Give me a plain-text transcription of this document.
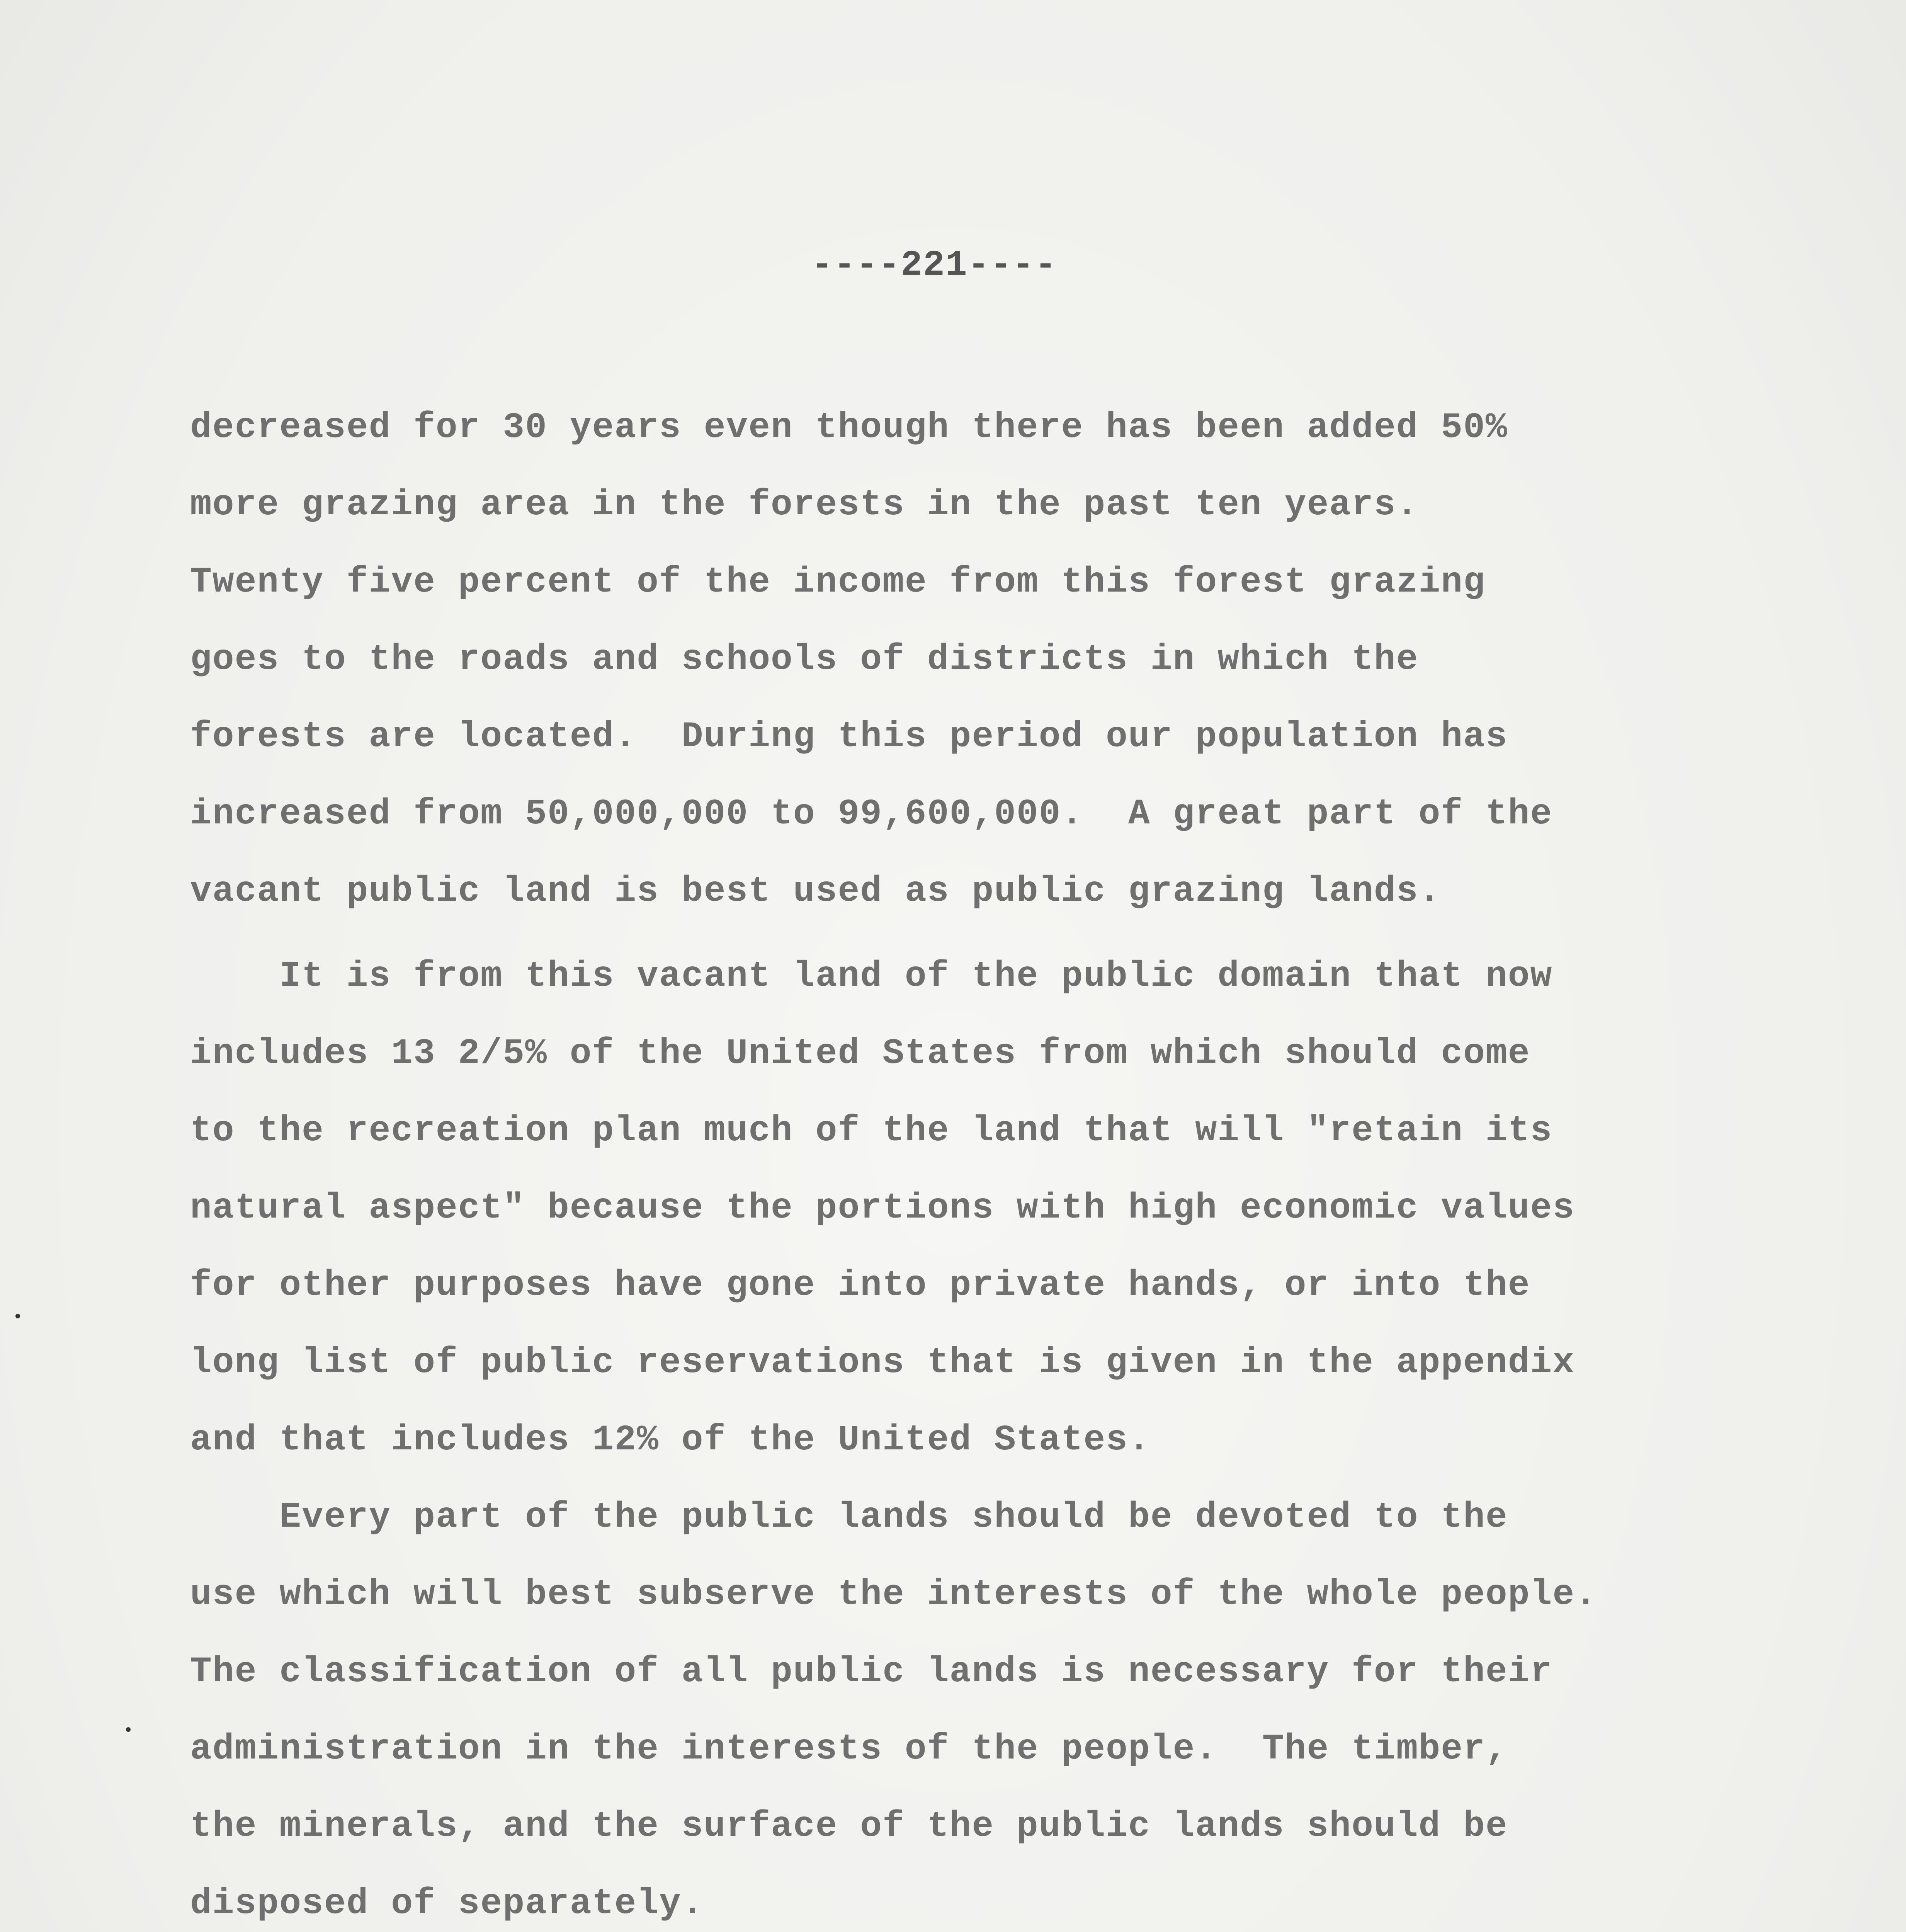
----221----

decreased for 30 years even though there has been added 50%

more grazing area in the forests in the past ten years.

Twenty five percent of the income from this forest grazing

goes to the roads and schools of districts in which the

forests are located.  During this period our population has

increased from 50,000,000 to 99,600,000.  A great part of the

vacant public land is best used as public grazing lands.

It is from this vacant land of the public domain that now

includes 13 2/5% of the United States from which should come

to the recreation plan much of the land that will "retain its

natural aspect" because the portions with high economic values

for other purposes have gone into private hands, or into the

long list of public reservations that is given in the appendix

and that includes 12% of the United States.

Every part of the public lands should be devoted to the

use which will best subserve the interests of the whole people.

The classification of all public lands is necessary for their

administration in the interests of the people.  The timber,

the minerals, and the surface of the public lands should be

disposed of separately.
